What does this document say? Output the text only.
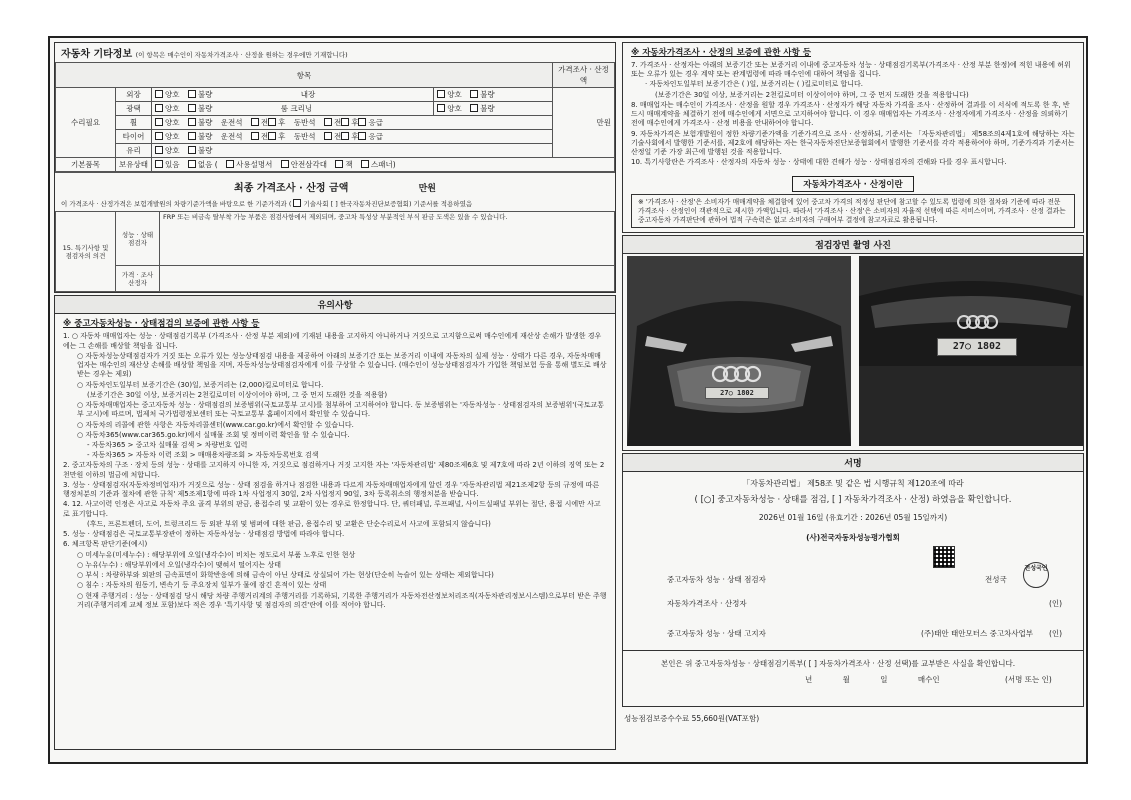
자동차 기타정보 (이 항목은 매수인이 자동차가격조사 · 산정을 원하는 경우에만 기재합니다)
항목				가격조사 · 산정액
수리필요	외장	양호 불량 내장	양호 불량	만원
	광택	양호 불량 룸 크리닝	양호 불량	
	휠	양호 불량 운전석 전 후 동반석 전 후 응급		
	타이어	양호 불량 운전석 전 후 동반석 전 후 응급		
	유리	양호 불량		
기본품목	보유상태	있음 없음 ( 사용설명서 안전삼각대 잭 스패너)		
최종 가격조사 · 산정 금액	만원
이 가격조사 · 산정가격은 보험개발원의 차량기준가액을 바탕으로 한 기준가격과 ( 기술사회 [ ] 한국자동차진단보증협회) 기준서를 적용하였음
15. 특기사항 및 점검자의 의견	성능 · 상태 점검자	FRP 또는 비금속 탈부착 가능 부품은 점검사항에서 제외되며, 중고차 특성상 부분적인 부식 판금 도색은 있을 수 있습니다.
	가격 · 조사 산정자	
유의사항
※ 중고자동차성능 · 상태점검의 보증에 관한 사항 등

1. ○ 자동차 매매업자는 성능 · 상태점검기록부 (가격조사 · 산정 부분 제외)에 기재된 내용을 고지하지 아니하거나 거짓으로 고지함으로써 매수인에게 재산상 손해가 발생한 경우에는 그 손해를 배상할 책임을 집니다.

○ 자동차성능상태점검자가 거짓 또는 오류가 있는 성능상태점검 내용을 제공하여 아래의 보증기간 또는 보증거리 이내에 자동차의 실제 성능 · 상태가 다른 경우, 자동차매매업자는 매수인의 재산상 손해를 배상할 책임을 지며, 자동차성능상태점검자에게 이를 구상할 수 있습니다. (매수인이 성능상태점검자가 가입한 책임보험 등을 통해 별도로 배상받는 경우는 제외)

○ 자동차인도일부터 보증기간은 (30)일, 보증거리는 (2,000)킬로미터로 합니다.

(보증기간은 30일 이상, 보증거리는 2천킬로미터 이상이어야 하며, 그 중 먼저 도래한 것을 적용함)

○ 자동차매매업자는 중고자동차 성능 · 상태점검의 보증범위(국토교통부 고시)를 첨부하여 고지하여야 합니다. 동 보증범위는 '자동차성능 · 상태점검자의 보증범위'(국토교통부 고시)에 따르며, 법제처 국가법령정보센터 또는 국토교통부 홈페이지에서 확인할 수 있습니다.

○ 자동차의 리콜에 관한 사항은 자동차리콜센터(www.car.go.kr)에서 확인할 수 있습니다.

○ 자동차365(www.car365.go.kr)에서 실매물 조회 및 정비이력 확인을 할 수 있습니다.

- 자동차365 > 중고차 실매물 검색 > 차량번호 입력

- 자동차365 > 자동차 이력 조회 > 매매용차량조회 > 자동차등록번호 검색

2. 중고자동차의 구조 · 장치 등의 성능 · 상태를 고지하지 아니한 자, 거짓으로 점검하거나 거짓 고지한 자는 '자동차관리법' 제80조제6호 및 제7호에 따라 2년 이하의 징역 또는 2천만원 이하의 벌금에 처합니다.

3. 성능 · 상태점검자(자동차정비업자)가 거짓으로 성능 · 상태 점검을 하거나 점검한 내용과 다르게 자동차매매업자에게 알린 경우 '자동차관리법 제21조제2항 등의 규정에 따른 행정처분의 기준과 절차에 관한 규칙' 제5조제1항에 따라 1차 사업정지 30일, 2차 사업정지 90일, 3차 등록취소의 행정처분을 받습니다.

4. 12. 사고이력 인정은 사고로 자동차 주요 골격 부위의 판금, 용접수리 및 교환이 있는 경우로 한정합니다. 단, 쿼터패널, 루프패널, 사이드실패널 부위는 절단, 용접 시에만 사고로 표기합니다.

(후드, 프론트펜더, 도어, 트렁크리드 등 외판 부위 및 범퍼에 대한 판금, 용접수리 및 교환은 단순수리로서 사고에 포함되지 않습니다)

5. 성능 · 상태점검은 국토교통부장관이 정하는 자동차성능 · 상태점검 방법에 따라야 합니다.

6. 체크항목 판단기준(예시)

○ 미세누유(미세누수) : 해당부위에 오일(냉각수)이 비치는 정도로서 부품 노후로 인한 현상

○ 누유(누수) : 해당부위에서 오일(냉각수)이 맺혀서 떨어지는 상태

○ 부식 : 차량하부와 외판의 금속표면이 화학반응에 의해 금속이 아닌 상태로 상실되어 가는 현상(단순히 녹슬어 있는 상태는 제외합니다)

○ 침수 : 자동차의 원동기, 변속기 등 주요장치 일부가 물에 잠긴 흔적이 있는 상태

○ 현재 주행거리 : 성능 · 상태점검 당시 해당 차량 주행거리계의 주행거리를 기록하되, 기록한 주행거리가 자동차전산정보처리조직(자동차관리정보시스템)으로부터 받은 주행거리(주행거리계 교체 정보 포함)보다 적은 경우 '특기사항 및 점검자의 의견'란에 이를 적어야 합니다.

※ 자동차가격조사 · 산정의 보증에 관한 사항 등

7. 가격조사 · 산정자는 아래의 보증기간 또는 보증거리 이내에 중고자동차 성능 · 상태점검기록부(가격조사 · 산정 부분 한정)에 적힌 내용에 허위 또는 오류가 있는 경우 계약 또는 관계법령에 따라 매수인에 대하여 책임을 집니다.

· 자동차인도일부터 보증기간은 ( )일, 보증거리는 ( )킬로미터로 합니다.

(보증기간은 30일 이상, 보증거리는 2천킬로미터 이상이어야 하며, 그 중 먼저 도래한 것을 적용합니다)

8. 매매업자는 매수인이 가격조사 · 산정을 원할 경우 가격조사 · 산정자가 해당 자동차 가격을 조사 · 산정하여 결과를 이 서식에 적도록 한 후, 반드시 매매계약을 체결하기 전에 매수인에게 서면으로 고지하여야 합니다. 이 경우 매매업자는 가격조사 · 산정자에게 가격조사 · 산정을 의뢰하기 전에 매수인에게 가격조사 · 산정 비용을 안내하여야 합니다.

9. 자동차가격은 보험개발원이 정한 차량기준가액을 기준가격으로 조사 · 산정하되, 기준서는 「자동차관리법」 제58조의4제1호에 해당하는 자는 기술사회에서 발행한 기준서를, 제2호에 해당하는 자는 한국자동차진단보증협회에서 발행한 기준서를 각각 적용하여야 하며, 기준가격과 기준서는 산정일 기준 가장 최근에 발행된 것을 적용합니다.

10. 특기사항란은 가격조사 · 산정자의 자동차 성능 · 상태에 대한 견해가 성능 · 상태점검자의 견해와 다를 경우 표시합니다.

자동차가격조사 · 산정이란
※ '가격조사 · 산정'은 소비자가 매매계약을 체결함에 있어 중고차 가격의 적정성 판단에 참고할 수 있도록 법령에 의한 절차와 기준에 따라 전문 가격조사 · 산정인이 객관적으로 제시한 가액입니다. 따라서 '가격조사 · 산정'은 소비자의 자율적 선택에 따른 서비스이며, 가격조사 · 산정 결과는 중고자동차 가격판단에 관하여 법적 구속력은 없고 소비자의 구매여부 결정에 참고자료로 활용됩니다.
점검장면 촬영 사진
27○ 1802
27○ 1802
서명
「자동차관리법」 제58조 및 같은 법 시행규칙 제120조에 따라
( [○] 중고자동차성능 · 상태를 점검, [ ] 자동차가격조사 · 산정) 하였음을 확인합니다.
2026년 01월 16일 (유효기간 : 2026년 05월 15일까지)
(사)전국자동차성능평가협회
중고자동차 성능 · 상태 점검자	전성국
전성국인
자동차가격조사 · 산정자	(인)
중고자동차 성능 · 상태 고지자	(주)태안 태안모터스 중고차사업부 (인)
본인은 위 중고자동차성능 · 상태점검기록부( [ ] 자동차가격조사 · 산정 선택)를 교부받은 사실을 확인합니다.
년	월	일	매수인	(서명 또는 인)
성능점검보증수수료 55,660원(VAT포함)
